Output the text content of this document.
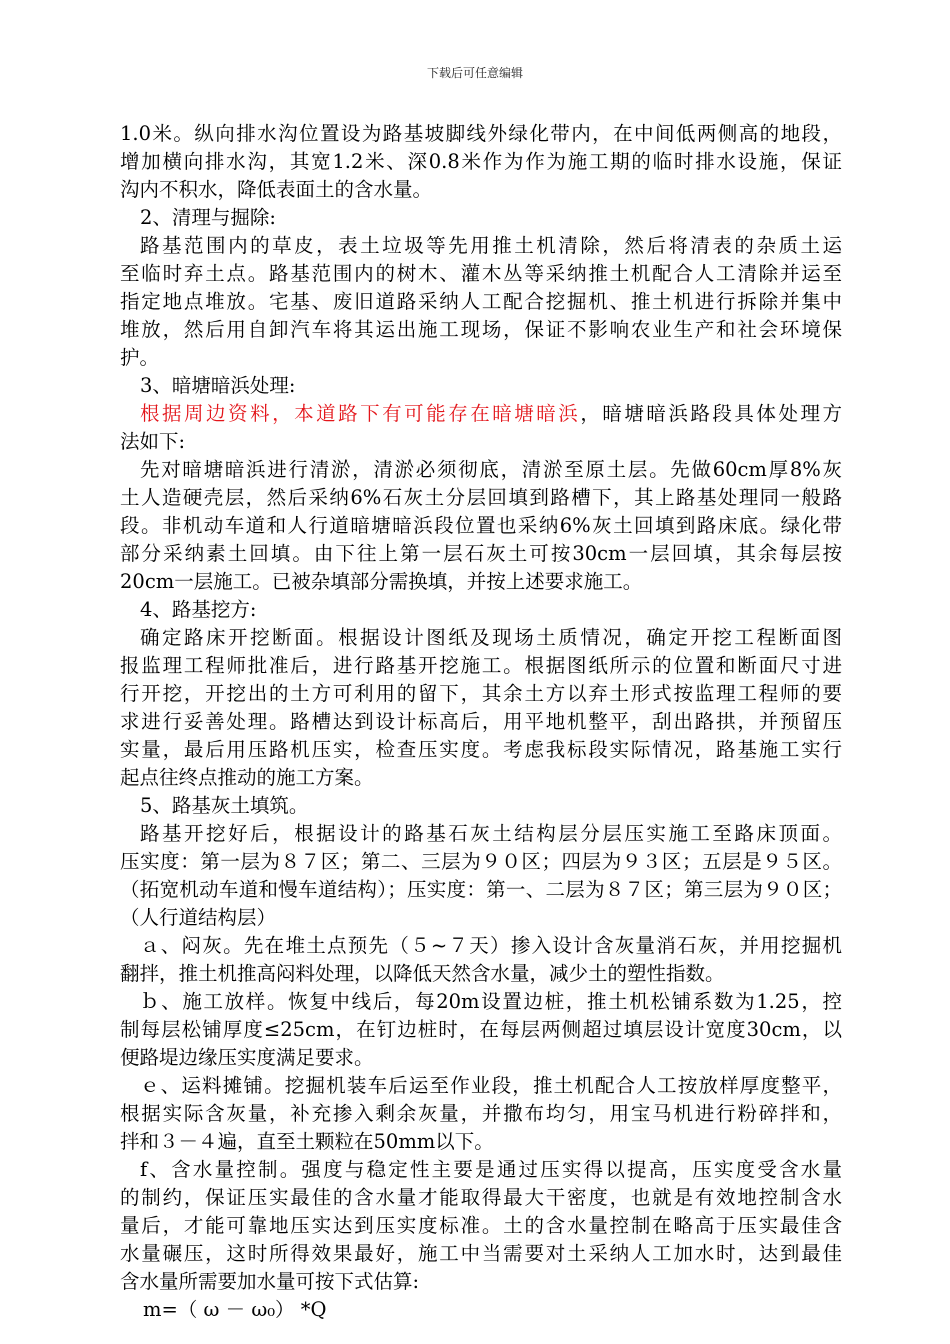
下载后可任意编辑
1.0米。纵向排水沟位置设为路基坡脚线外绿化带内，在中间低两侧高的地段，
增加横向排水沟，其宽1.2米、深0.8米作为作为施工期的临时排水设施，保证
沟内不积水，降低表面土的含水量。
2、清理与掘除:
路基范围内的草皮，表土垃圾等先用推土机清除，然后将清表的杂质土运
至临时弃土点。路基范围内的树木、灌木丛等采纳推土机配合人工清除并运至
指定地点堆放。宅基、废旧道路采纳人工配合挖掘机、推土机进行拆除并集中
堆放，然后用自卸汽车将其运出施工现场，保证不影响农业生产和社会环境保
护。
3、暗塘暗浜处理:
根据周边资料，本道路下有可能存在暗塘暗浜，暗塘暗浜路段具体处理方
法如下:
先对暗塘暗浜进行清淤，清淤必须彻底，清淤至原土层。先做60cm厚8%灰
土人造硬壳层，然后采纳6%石灰土分层回填到路槽下，其上路基处理同一般路
段。非机动车道和人行道暗塘暗浜段位置也采纳6%灰土回填到路床底。绿化带
部分采纳素土回填。由下往上第一层石灰土可按30cm一层回填，其余每层按
20cm一层施工。已被杂填部分需换填，并按上述要求施工。
4、路基挖方:
确定路床开挖断面。根据设计图纸及现场土质情况，确定开挖工程断面图
报监理工程师批准后，进行路基开挖施工。根据图纸所示的位置和断面尺寸进
行开挖，开挖出的土方可利用的留下，其余土方以弃土形式按监理工程师的要
求进行妥善处理。路槽达到设计标高后，用平地机整平，刮出路拱，并预留压
实量，最后用压路机压实，检查压实度。考虑我标段实际情况，路基施工实行
起点往终点推动的施工方案。
5、路基灰土填筑。
路基开挖好后，根据设计的路基石灰土结构层分层压实施工至路床顶面。
压实度：第一层为８７区；第二、三层为９０区；四层为９３区；五层是９５区。
（拓宽机动车道和慢车道结构）；压实度：第一、二层为８７区；第三层为９０区；
（人行道结构层）
ａ、闷灰。先在堆土点预先（５~７天）掺入设计含灰量消石灰，并用挖掘机
翻拌，推土机推高闷料处理，以降低天然含水量，减少土的塑性指数。
ｂ、施工放样。恢复中线后，每20m设置边桩，推土机松铺系数为1.25，控
制每层松铺厚度≤25cm，在钉边桩时，在每层两侧超过填层设计宽度30cm，以
便路堤边缘压实度满足要求。
ｅ、运料摊铺。挖掘机装车后运至作业段，推土机配合人工按放样厚度整平，
根据实际含灰量，补充掺入剩余灰量，并撒布均匀，用宝马机进行粉碎拌和，
拌和３－４遍，直至土颗粒在50mm以下。
f、含水量控制。强度与稳定性主要是通过压实得以提高，压实度受含水量
的制约，保证压实最佳的含水量才能取得最大干密度，也就是有效地控制含水
量后，才能可靠地压实达到压实度标准。土的含水量控制在略高于压实最佳含
水量碾压，这时所得效果最好，施工中当需要对土采纳人工加水时，达到最佳
含水量所需要加水量可按下式估算:
m=（ ω － ω₀） *Q
